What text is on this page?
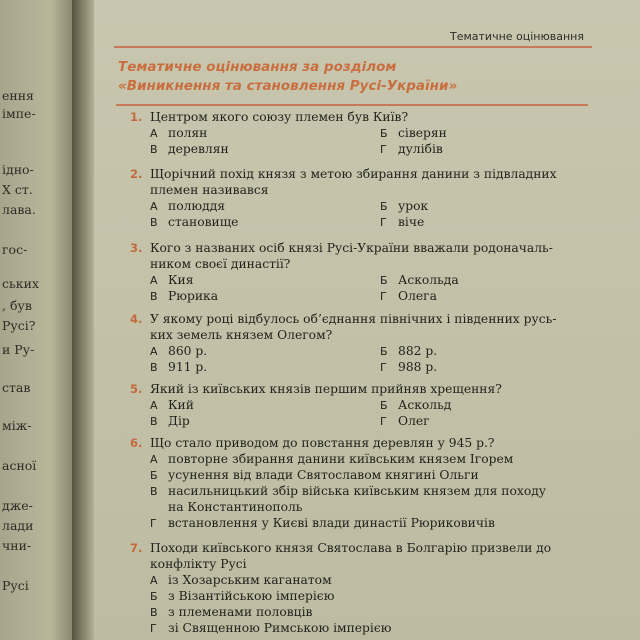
ення
імпе-
ідно-
X ст.
лава.
гос-
ських
, був
Русі?
и Ру-
став
між-
асної
дже-
лади
чни-
Русі
Тематичне оцінювання
Тематичне оцінювання за розділом
«Виникнення та становлення Русі-України»
1. Центром якого союзу племен був Київ?
А полян	Б сіверян
В деревлян	Г дулібів
2. Щорічний похід князя з метою збирання данини з підвладних
племен називався
А полюддя	Б урок
В становище	Г віче
3. Кого з названих осіб князі Русі-України вважали родоначаль-
ником своєї династії?
А Кия	Б Аскольда
В Рюрика	Г Олега
4. У якому році відбулось об’єднання північних і південних русь-
ких земель князем Олегом?
А 860 р.	Б 882 р.
В 911 р.	Г 988 р.
5. Який із київських князів першим прийняв хрещення?
А Кий	Б Аскольд
В Дір	Г Олег
6. Що стало приводом до повстання деревлян у 945 р.?
А повторне збирання данини київським князем Ігорем
Б усунення від влади Святославом княгині Ольги
В насильницький збір війська київським князем для походу
на Константинополь
Г встановлення у Києві влади династії Рюриковичів
7. Походи київського князя Святослава в Болгарію призвели до
конфлікту Русі
А із Хозарським каганатом
Б з Візантійською імперією
В з племенами половців
Г зі Священною Римською імперією
